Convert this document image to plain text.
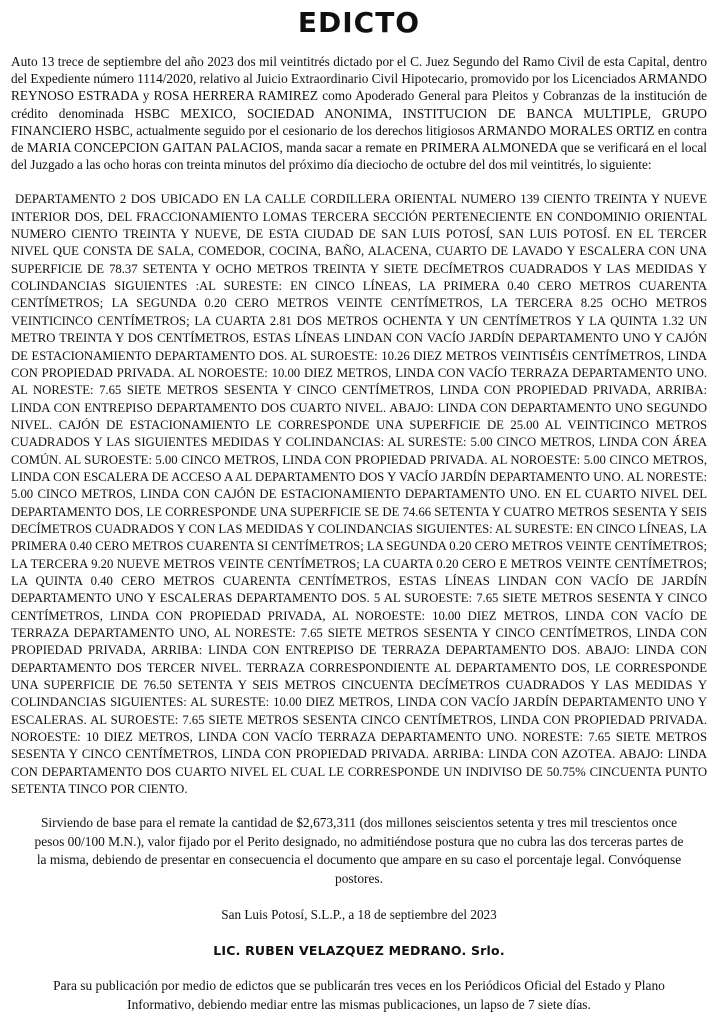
EDICTO

Auto 13 trece de septiembre del año 2023 dos mil veintitrés dictado por el C. Juez Segundo del Ramo Civil de esta Capital, dentro del Expediente número 1114/2020, relativo al Juicio Extraordinario Civil Hipotecario, promovido por los Licenciados ARMANDO REYNOSO ESTRADA y ROSA HERRERA RAMIREZ como Apoderado General para Pleitos y Cobranzas de la institución de crédito denominada HSBC MEXICO, SOCIEDAD ANONIMA, INSTITUCION DE BANCA MULTIPLE, GRUPO FINANCIERO HSBC, actualmente seguido por el cesionario de los derechos litigiosos ARMANDO MORALES ORTIZ en contra de MARIA CONCEPCION GAITAN PALACIOS, manda sacar a remate en PRIMERA ALMONEDA que se verificará en el local del Juzgado a las ocho horas con treinta minutos del próximo día dieciocho de octubre del dos mil veintitrés, lo siguiente:

DEPARTAMENTO 2 DOS UBICADO EN LA CALLE CORDILLERA ORIENTAL NUMERO 139 CIENTO TREINTA Y NUEVE INTERIOR DOS, DEL FRACCIONAMIENTO LOMAS TERCERA SECCIÓN PERTENECIENTE EN CONDOMINIO ORIENTAL NUMERO CIENTO TREINTA Y NUEVE, DE ESTA CIUDAD DE SAN LUIS POTOSÍ, SAN LUIS POTOSÍ. EN EL TERCER NIVEL QUE CONSTA DE SALA, COMEDOR, COCINA, BAÑO, ALACENA, CUARTO DE LAVADO Y ESCALERA CON UNA SUPERFICIE DE 78.37 SETENTA Y OCHO METROS TREINTA Y SIETE DECÍMETROS CUADRADOS Y LAS MEDIDAS Y COLINDANCIAS SIGUIENTES :AL SURESTE: EN CINCO LÍNEAS, LA PRIMERA 0.40 CERO METROS CUARENTA CENTÍMETROS; LA SEGUNDA 0.20 CERO METROS VEINTE CENTÍMETROS, LA TERCERA 8.25 OCHO METROS VEINTICINCO CENTÍMETROS; LA CUARTA 2.81 DOS METROS OCHENTA Y UN CENTÍMETROS Y LA QUINTA 1.32 UN METRO TREINTA Y DOS CENTÍMETROS, ESTAS LÍNEAS LINDAN CON VACÍO JARDÍN DEPARTAMENTO UNO Y CAJÓN DE ESTACIONAMIENTO DEPARTAMENTO DOS. AL SUROESTE: 10.26 DIEZ METROS VEINTISÉIS CENTÍMETROS, LINDA CON PROPIEDAD PRIVADA. AL NOROESTE: 10.00 DIEZ METROS, LINDA CON VACÍO TERRAZA DEPARTAMENTO UNO. AL NORESTE: 7.65 SIETE METROS SESENTA Y CINCO CENTÍMETROS, LINDA CON PROPIEDAD PRIVADA, ARRIBA: LINDA CON ENTREPISO DEPARTAMENTO DOS CUARTO NIVEL. ABAJO: LINDA CON DEPARTAMENTO UNO SEGUNDO NIVEL. CAJÓN DE ESTACIONAMIENTO LE CORRESPONDE UNA SUPERFICIE DE 25.00 AL VEINTICINCO METROS CUADRADOS Y LAS SIGUIENTES MEDIDAS Y COLINDANCIAS: AL SURESTE: 5.00 CINCO METROS, LINDA CON ÁREA COMÚN. AL SUROESTE: 5.00 CINCO METROS, LINDA CON PROPIEDAD PRIVADA. AL NOROESTE: 5.00 CINCO METROS, LINDA CON ESCALERA DE ACCESO A AL DEPARTAMENTO DOS Y VACÍO JARDÍN DEPARTAMENTO UNO. AL NORESTE: 5.00 CINCO METROS, LINDA CON CAJÓN DE ESTACIONAMIENTO DEPARTAMENTO UNO. EN EL CUARTO NIVEL DEL DEPARTAMENTO DOS, LE CORRESPONDE UNA SUPERFICIE SE DE 74.66 SETENTA Y CUATRO METROS SESENTA Y SEIS DECÍMETROS CUADRADOS Y CON LAS MEDIDAS Y COLINDANCIAS SIGUIENTES: AL SURESTE: EN CINCO LÍNEAS, LA PRIMERA 0.40 CERO METROS CUARENTA SI CENTÍMETROS; LA SEGUNDA 0.20 CERO METROS VEINTE CENTÍMETROS; LA TERCERA 9.20 NUEVE METROS VEINTE CENTÍMETROS; LA CUARTA 0.20 CERO E METROS VEINTE CENTÍMETROS; LA QUINTA 0.40 CERO METROS CUARENTA CENTÍMETROS, ESTAS LÍNEAS LINDAN CON VACÍO DE JARDÍN DEPARTAMENTO UNO Y ESCALERAS DEPARTAMENTO DOS. 5 AL SUROESTE: 7.65 SIETE METROS SESENTA Y CINCO CENTÍMETROS, LINDA CON PROPIEDAD PRIVADA, AL NOROESTE: 10.00 DIEZ METROS, LINDA CON VACÍO DE TERRAZA DEPARTAMENTO UNO, AL NORESTE: 7.65 SIETE METROS SESENTA Y CINCO CENTÍMETROS, LINDA CON PROPIEDAD PRIVADA, ARRIBA: LINDA CON ENTREPISO DE TERRAZA DEPARTAMENTO DOS. ABAJO: LINDA CON DEPARTAMENTO DOS TERCER NIVEL. TERRAZA CORRESPONDIENTE AL DEPARTAMENTO DOS, LE CORRESPONDE UNA SUPERFICIE DE 76.50 SETENTA Y SEIS METROS CINCUENTA DECÍMETROS CUADRADOS Y LAS MEDIDAS Y COLINDANCIAS SIGUIENTES: AL SURESTE: 10.00 DIEZ METROS, LINDA CON VACÍO JARDÍN DEPARTAMENTO UNO Y ESCALERAS. AL SUROESTE: 7.65 SIETE METROS SESENTA CINCO CENTÍMETROS, LINDA CON PROPIEDAD PRIVADA. NOROESTE: 10 DIEZ METROS, LINDA CON VACÍO TERRAZA DEPARTAMENTO UNO. NORESTE: 7.65 SIETE METROS SESENTA Y CINCO CENTÍMETROS, LINDA CON PROPIEDAD PRIVADA. ARRIBA: LINDA CON AZOTEA. ABAJO: LINDA CON DEPARTAMENTO DOS CUARTO NIVEL EL CUAL LE CORRESPONDE UN INDIVISO DE 50.75% CINCUENTA PUNTO SETENTA TINCO POR CIENTO.

Sirviendo de base para el remate la cantidad de $2,673,311 (dos millones seiscientos setenta y tres mil trescientos once pesos 00/100 M.N.), valor fijado por el Perito designado, no admitiéndose postura que no cubra las dos terceras partes de la misma, debiendo de presentar en consecuencia el documento que ampare en su caso el porcentaje legal. Convóquense postores.

San Luis Potosí, S.L.P., a 18 de septiembre del 2023

LIC. RUBEN VELAZQUEZ MEDRANO. Srlo.

Para su publicación por medio de edictos que se publicarán tres veces en los Periódicos Oficial del Estado y Plano Informativo, debiendo mediar entre las mismas publicaciones, un lapso de 7 siete días.
